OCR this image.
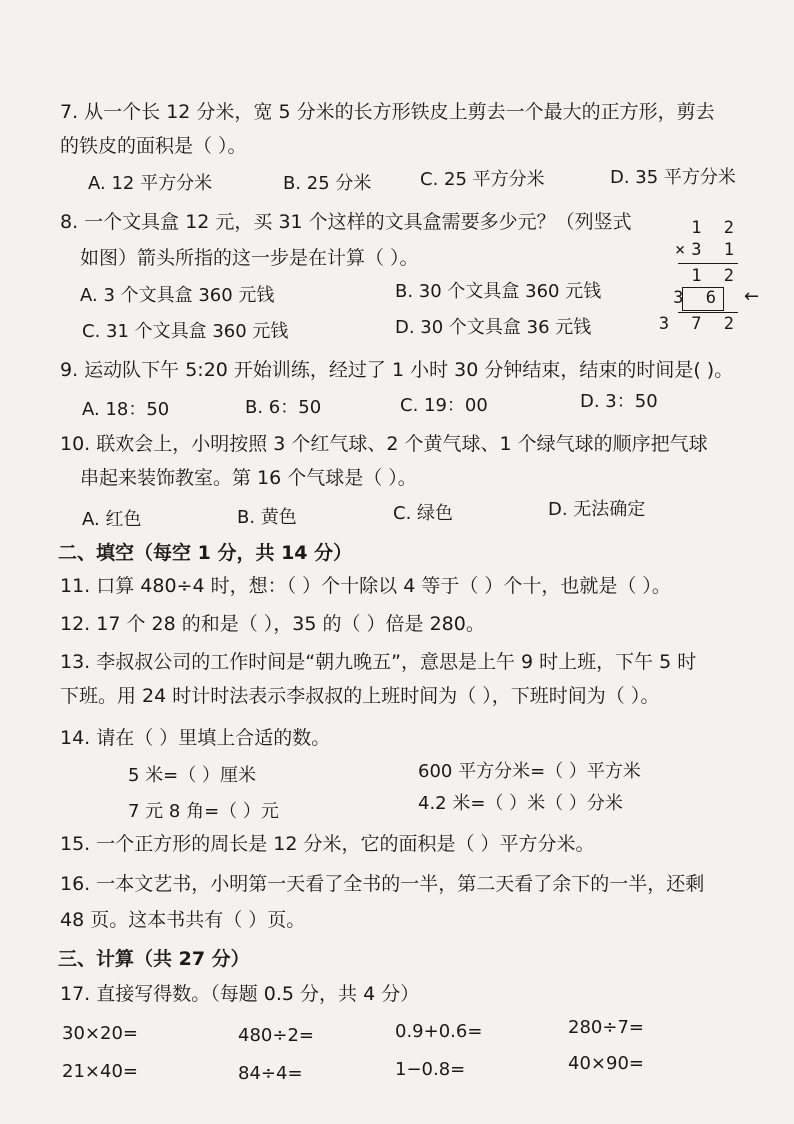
7. 从一个长 12 分米，宽 5 分米的长方形铁皮上剪去一个最大的正方形，剪去
的铁皮的面积是（ ）。
A. 12 平方分米	B. 25 分米	C. 25 平方分米	D. 35 平方分米
8. 一个文具盒 12 元，买 31 个这样的文具盒需要多少元？（列竖式
如图）箭头所指的这一步是在计算（ ）。
A. 3 个文具盒 360 元钱	B. 30 个文具盒 360 元钱
C. 31 个文具盒 360 元钱	D. 30 个文具盒 36 元钱
1 2
×3 1
1 2
3 6
3 7 2
←
9. 运动队下午 5:20 开始训练，经过了 1 小时 30 分钟结束，结束的时间是( )。
A. 18：50	B. 6：50	C. 19：00	D. 3：50
10. 联欢会上，小明按照 3 个红气球、2 个黄气球、1 个绿气球的顺序把气球
串起来装饰教室。第 16 个气球是（ ）。
A. 红色	B. 黄色	C. 绿色	D. 无法确定
二、填空（每空 1 分，共 14 分）
11. 口算 480÷4 时，想：（ ）个十除以 4 等于（ ）个十，也就是（ ）。
12. 17 个 28 的和是（ ），35 的（ ）倍是 280。
13. 李叔叔公司的工作时间是“朝九晚五”，意思是上午 9 时上班，下午 5 时
下班。用 24 时计时法表示李叔叔的上班时间为（ ），下班时间为（ ）。
14. 请在（ ）里填上合适的数。
5 米=（ ）厘米	600 平方分米=（ ）平方米
7 元 8 角=（ ）元	4.2 米=（ ）米（ ）分米
15. 一个正方形的周长是 12 分米，它的面积是（ ）平方分米。
16. 一本文艺书，小明第一天看了全书的一半，第二天看了余下的一半，还剩
48 页。这本书共有（ ）页。
三、计算（共 27 分）
17. 直接写得数。（每题 0.5 分，共 4 分）
30×20=	480÷2=	0.9+0.6=	280÷7=
21×40=	84÷4=	1−0.8=	40×90=
